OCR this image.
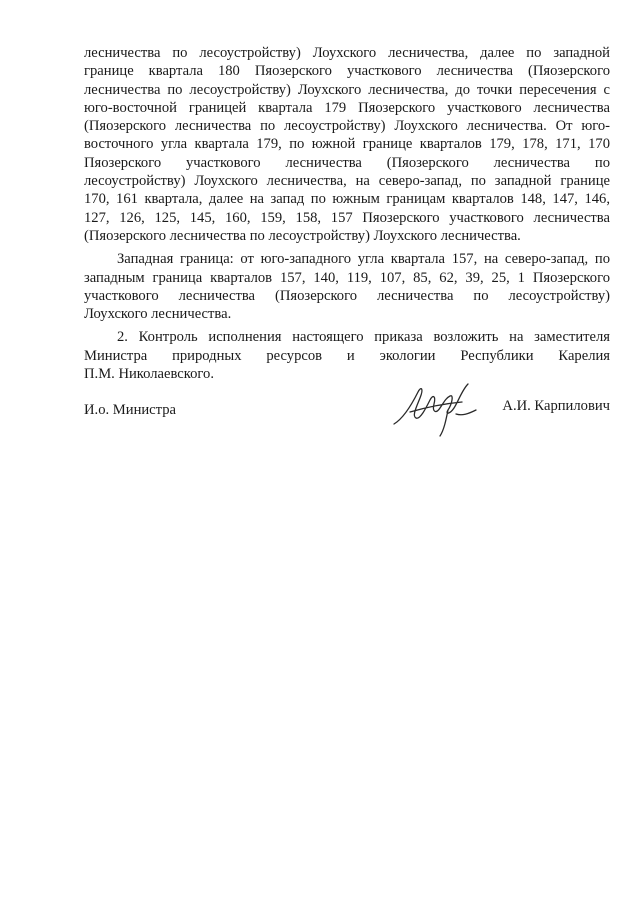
лесничества по лесоустройству) Лоухского лесничества, далее по западной
границе квартала 180 Пяозерского участкового лесничества (Пяозерского
лесничества по лесоустройству) Лоухского лесничества, до точки пересечения с
юго-восточной границей квартала 179 Пяозерского участкового лесничества
(Пяозерского лесничества по лесоустройству) Лоухского лесничества. От юго-
восточного угла квартала 179, по южной границе кварталов 179, 178, 171, 170
Пяозерского участкового лесничества (Пяозерского лесничества по
лесоустройству) Лоухского лесничества, на северо-запад, по западной границе
170, 161 квартала, далее на запад по южным границам кварталов 148, 147, 146,
127, 126, 125, 145, 160, 159, 158, 157 Пяозерского участкового лесничества
(Пяозерского лесничества по лесоустройству) Лоухского лесничества.
Западная граница: от юго-западного угла квартала 157, на северо-запад, по
западным граница кварталов 157, 140, 119, 107, 85, 62, 39, 25, 1 Пяозерского
участкового лесничества (Пяозерского лесничества по лесоустройству)
Лоухского лесничества.
2. Контроль исполнения настоящего приказа возложить на заместителя
Министра природных ресурсов и экологии Республики Карелия
П.М. Николаевского.
И.о. Министра	А.И. Карпилович
